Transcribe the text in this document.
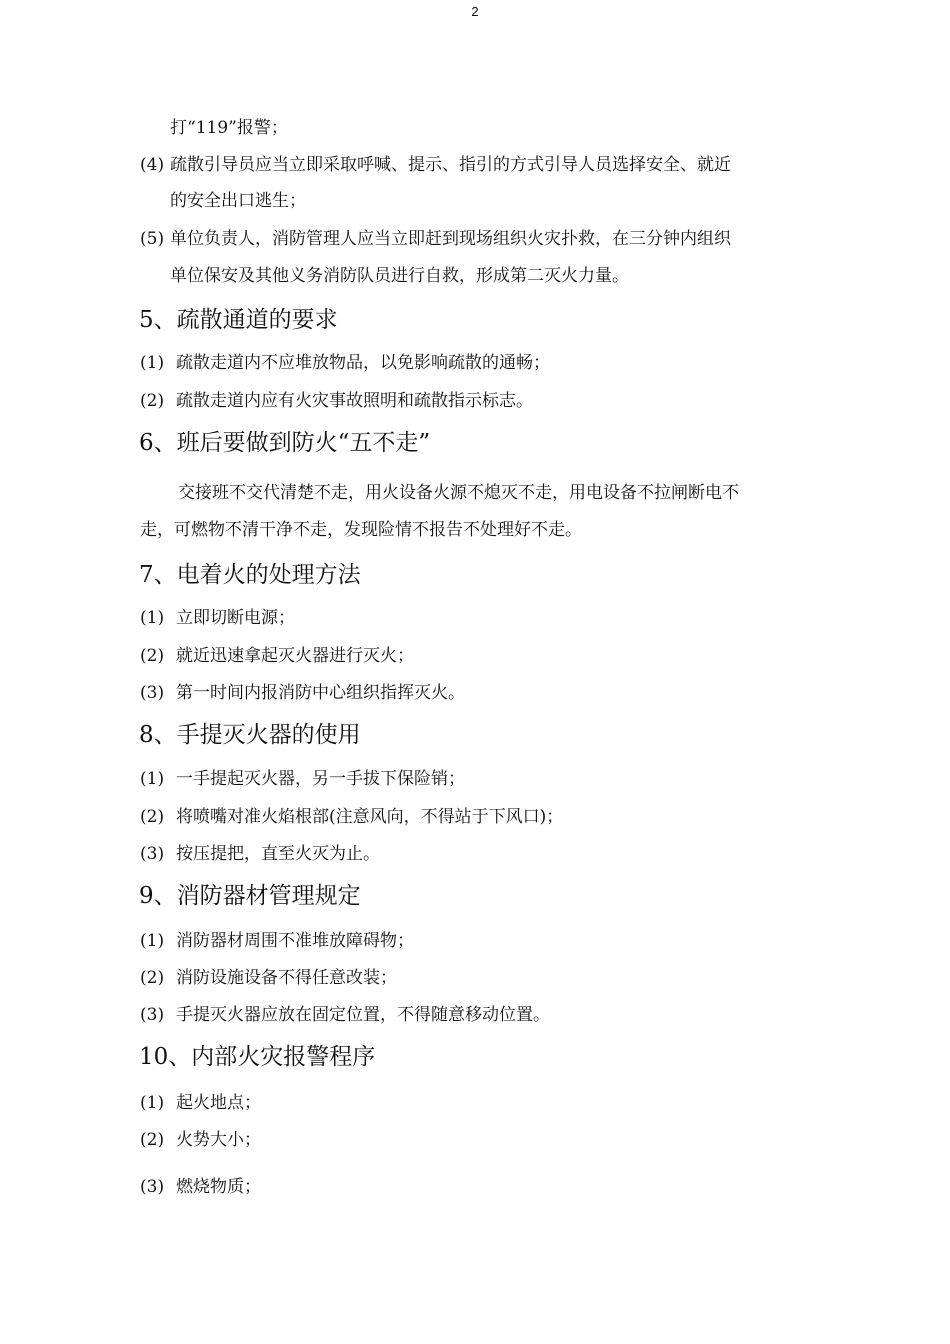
2
打“119”报警；
(4) 疏散引导员应当立即采取呼喊、提示、指引的方式引导人员选择安全、就近
的安全出口逃生；
(5) 单位负责人，消防管理人应当立即赶到现场组织火灾扑救，在三分钟内组织
单位保安及其他义务消防队员进行自救，形成第二灭火力量。
5、疏散通道的要求
(1) 疏散走道内不应堆放物品，以免影响疏散的通畅；
(2) 疏散走道内应有火灾事故照明和疏散指示标志。
6、班后要做到防火“五不走”
交接班不交代清楚不走，用火设备火源不熄灭不走，用电设备不拉闸断电不
走，可燃物不清干净不走，发现险情不报告不处理好不走。
7、电着火的处理方法
(1) 立即切断电源；
(2) 就近迅速拿起灭火器进行灭火；
(3) 第一时间内报消防中心组织指挥灭火。
8、手提灭火器的使用
(1) 一手提起灭火器，另一手拔下保险销；
(2) 将喷嘴对准火焰根部(注意风向，不得站于下风口)；
(3) 按压提把，直至火灭为止。
9、消防器材管理规定
(1) 消防器材周围不准堆放障碍物；
(2) 消防设施设备不得任意改装；
(3) 手提灭火器应放在固定位置，不得随意移动位置。
10、内部火灾报警程序
(1) 起火地点；
(2) 火势大小；
(3) 燃烧物质；
